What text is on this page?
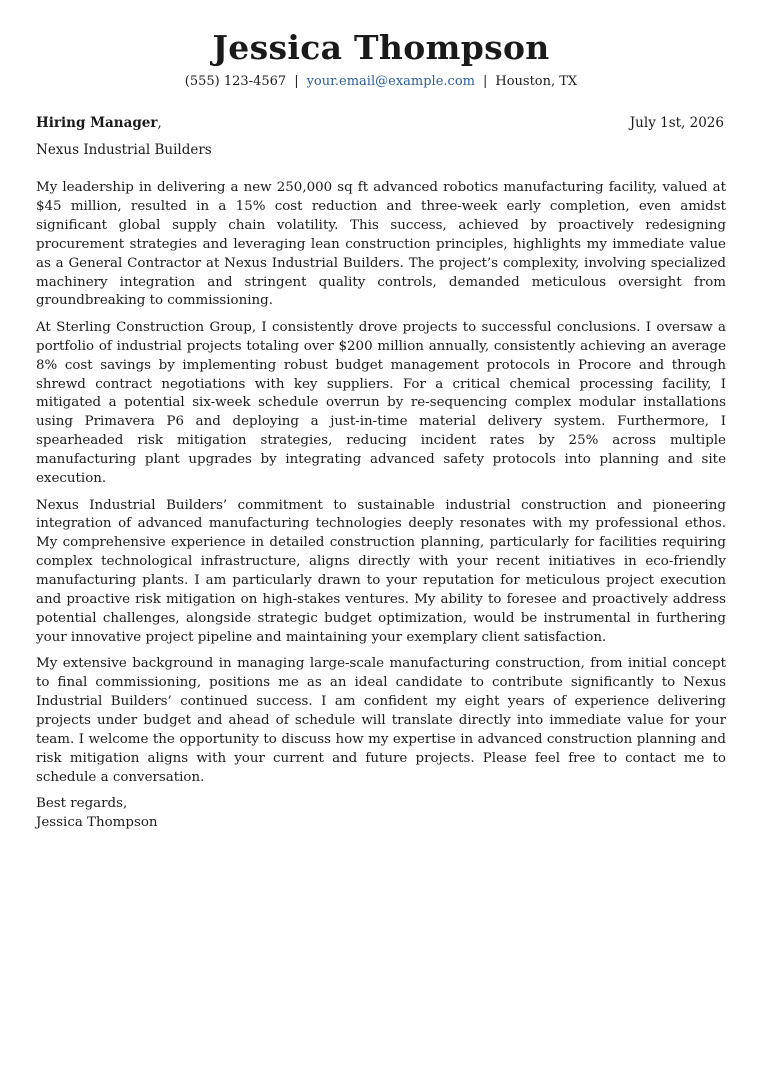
Jessica Thompson
(555) 123-4567 | your.email@example.com | Houston, TX
Hiring Manager,	July 1st, 2026
Nexus Industrial Builders

My leadership in delivering a new 250,000 sq ft advanced robotics manufacturing facility, valued at $45 million, resulted in a 15% cost reduction and three-week early completion, even amidst significant global supply chain volatility. This success, achieved by proactively redesigning procurement strategies and leveraging lean construction principles, highlights my immediate value as a General Contractor at Nexus Industrial Builders. The project’s complexity, involving specialized machinery integration and stringent quality controls, demanded meticulous oversight from groundbreaking to commissioning.

At Sterling Construction Group, I consistently drove projects to successful conclusions. I oversaw a portfolio of industrial projects totaling over $200 million annually, consistently achieving an average 8% cost savings by implementing robust budget management protocols in Procore and through shrewd contract negotiations with key suppliers. For a critical chemical processing facility, I mitigated a potential six-week schedule overrun by re-sequencing complex modular installations using Primavera P6 and deploying a just-in-time material delivery system. Furthermore, I spearheaded risk mitigation strategies, reducing incident rates by 25% across multiple manufacturing plant upgrades by integrating advanced safety protocols into planning and site execution.

Nexus Industrial Builders’ commitment to sustainable industrial construction and pioneering integration of advanced manufacturing technologies deeply resonates with my professional ethos. My comprehensive experience in detailed construction planning, particularly for facilities requiring complex technological infrastructure, aligns directly with your recent initiatives in eco-friendly manufacturing plants. I am particularly drawn to your reputation for meticulous project execution and proactive risk mitigation on high-stakes ventures. My ability to foresee and proactively address potential challenges, alongside strategic budget optimization, would be instrumental in furthering your innovative project pipeline and maintaining your exemplary client satisfaction.

My extensive background in managing large-scale manufacturing construction, from initial concept to final commissioning, positions me as an ideal candidate to contribute significantly to Nexus Industrial Builders’ continued success. I am confident my eight years of experience delivering projects under budget and ahead of schedule will translate directly into immediate value for your team. I welcome the opportunity to discuss how my expertise in advanced construction planning and risk mitigation aligns with your current and future projects. Please feel free to contact me to schedule a conversation.

Best regards,
Jessica Thompson
